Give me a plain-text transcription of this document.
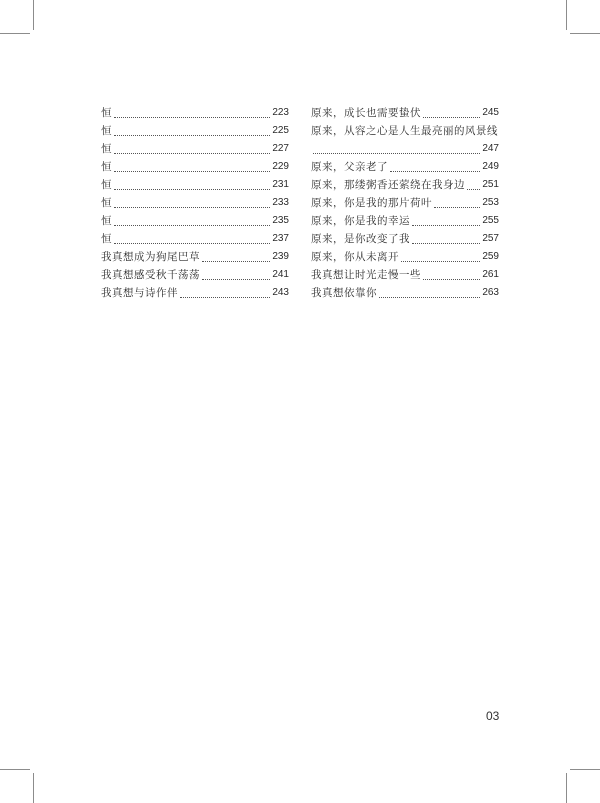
恒	223
恒	225
恒	227
恒	229
恒	231
恒	233
恒	235
恒	237
我真想成为狗尾巴草	239
我真想感受秋千荡荡	241
我真想与诗作伴	243
原来，成长也需要蛰伏	245
原来，从容之心是人生最亮丽的风景线
247
原来，父亲老了	249
原来，那缕粥香还萦绕在我身边 251
原来，你是我的那片荷叶	253
原来，你是我的幸运	255
原来，是你改变了我	257
原来，你从未离开	259
我真想让时光走慢一些	261
我真想依靠你	263
03
